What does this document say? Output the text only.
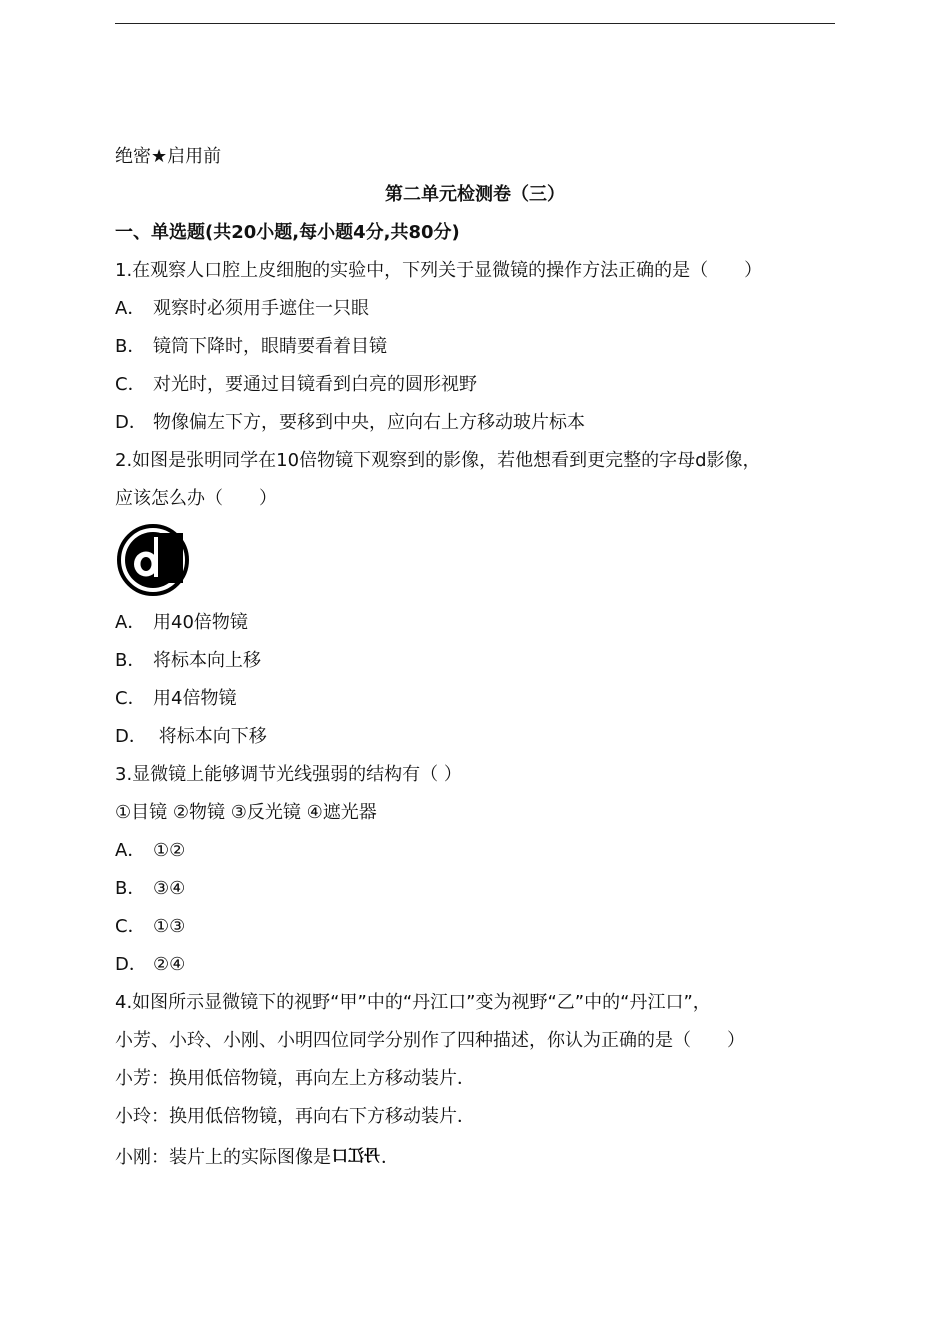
绝密★启用前
第二单元检测卷（三）
一、单选题(共20小题,每小题4分,共80分)
1.在观察人口腔上皮细胞的实验中，下列关于显微镜的操作方法正确的是（　　）
A． 观察时必须用手遮住一只眼
B． 镜筒下降时，眼睛要看着目镜
C． 对光时，要通过目镜看到白亮的圆形视野
D． 物像偏左下方，要移到中央，应向右上方移动玻片标本
2.如图是张明同学在10倍物镜下观察到的影像，若他想看到更完整的字母d影像，
应该怎么办（　　）
A． 用40倍物镜
B． 将标本向上移
C． 用4倍物镜
D． 将标本向下移
3.显微镜上能够调节光线强弱的结构有（ ）
①目镜 ②物镜 ③反光镜 ④遮光器
A． ①②
B． ③④
C． ①③
D． ②④
4.如图所示显微镜下的视野“甲”中的“丹江口”变为视野“乙”中的“丹江口”，
小芳、小玲、小刚、小明四位同学分别作了四种描述，你认为正确的是（　　）
小芳：换用低倍物镜，再向左上方移动装片．
小玲：换用低倍物镜，再向右下方移动装片．
小刚：装片上的实际图像是 丹江口 ．
